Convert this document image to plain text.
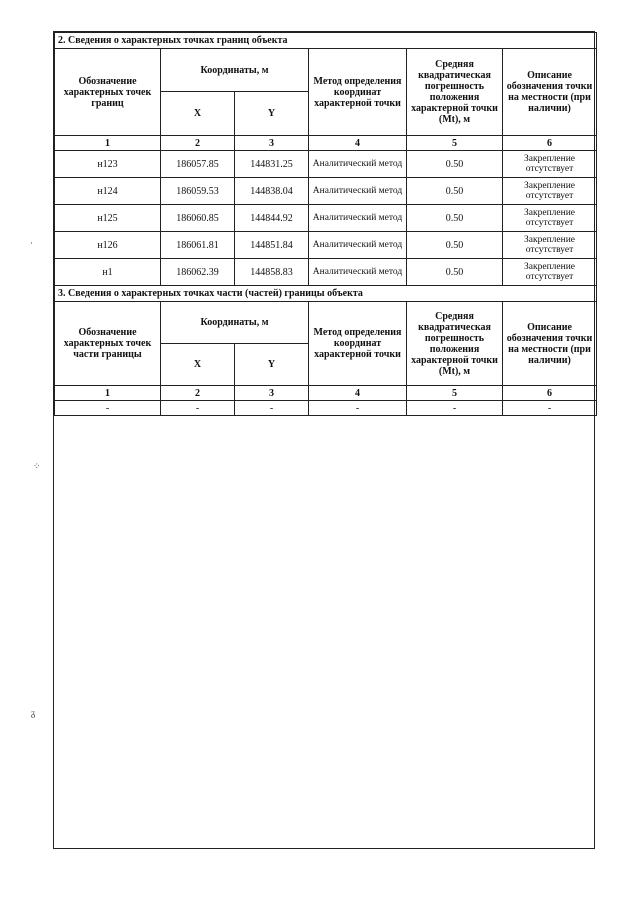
2. Сведения о характерных точках границ объекта					
Обозначение характерных точек границ	Координаты, м		Метод определения координат характерной точки	Средняя квадратическая погрешность положения характерной точки (Mt), м	Описание обозначения точки на местности (при наличии)
	X	Y			
1	2	3	4	5	6
н123	186057.85	144831.25	Аналитический метод	0.50	Закрепление отсутствует
н124	186059.53	144838.04	Аналитический метод	0.50	Закрепление отсутствует
н125	186060.85	144844.92	Аналитический метод	0.50	Закрепление отсутствует
н126	186061.81	144851.84	Аналитический метод	0.50	Закрепление отсутствует
н1	186062.39	144858.83	Аналитический метод	0.50	Закрепление отсутствует
3. Сведения о характерных точках части (частей) границы объекта					
Обозначение характерных точек части границы	Координаты, м		Метод определения координат характерной точки	Средняя квадратическая погрешность положения характерной точки (Mt), м	Описание обозначения точки на местности (при наличии)
	X	Y			
1	2	3	4	5	6
-	-	-	-	-	-
·
⁘
ᵹ
